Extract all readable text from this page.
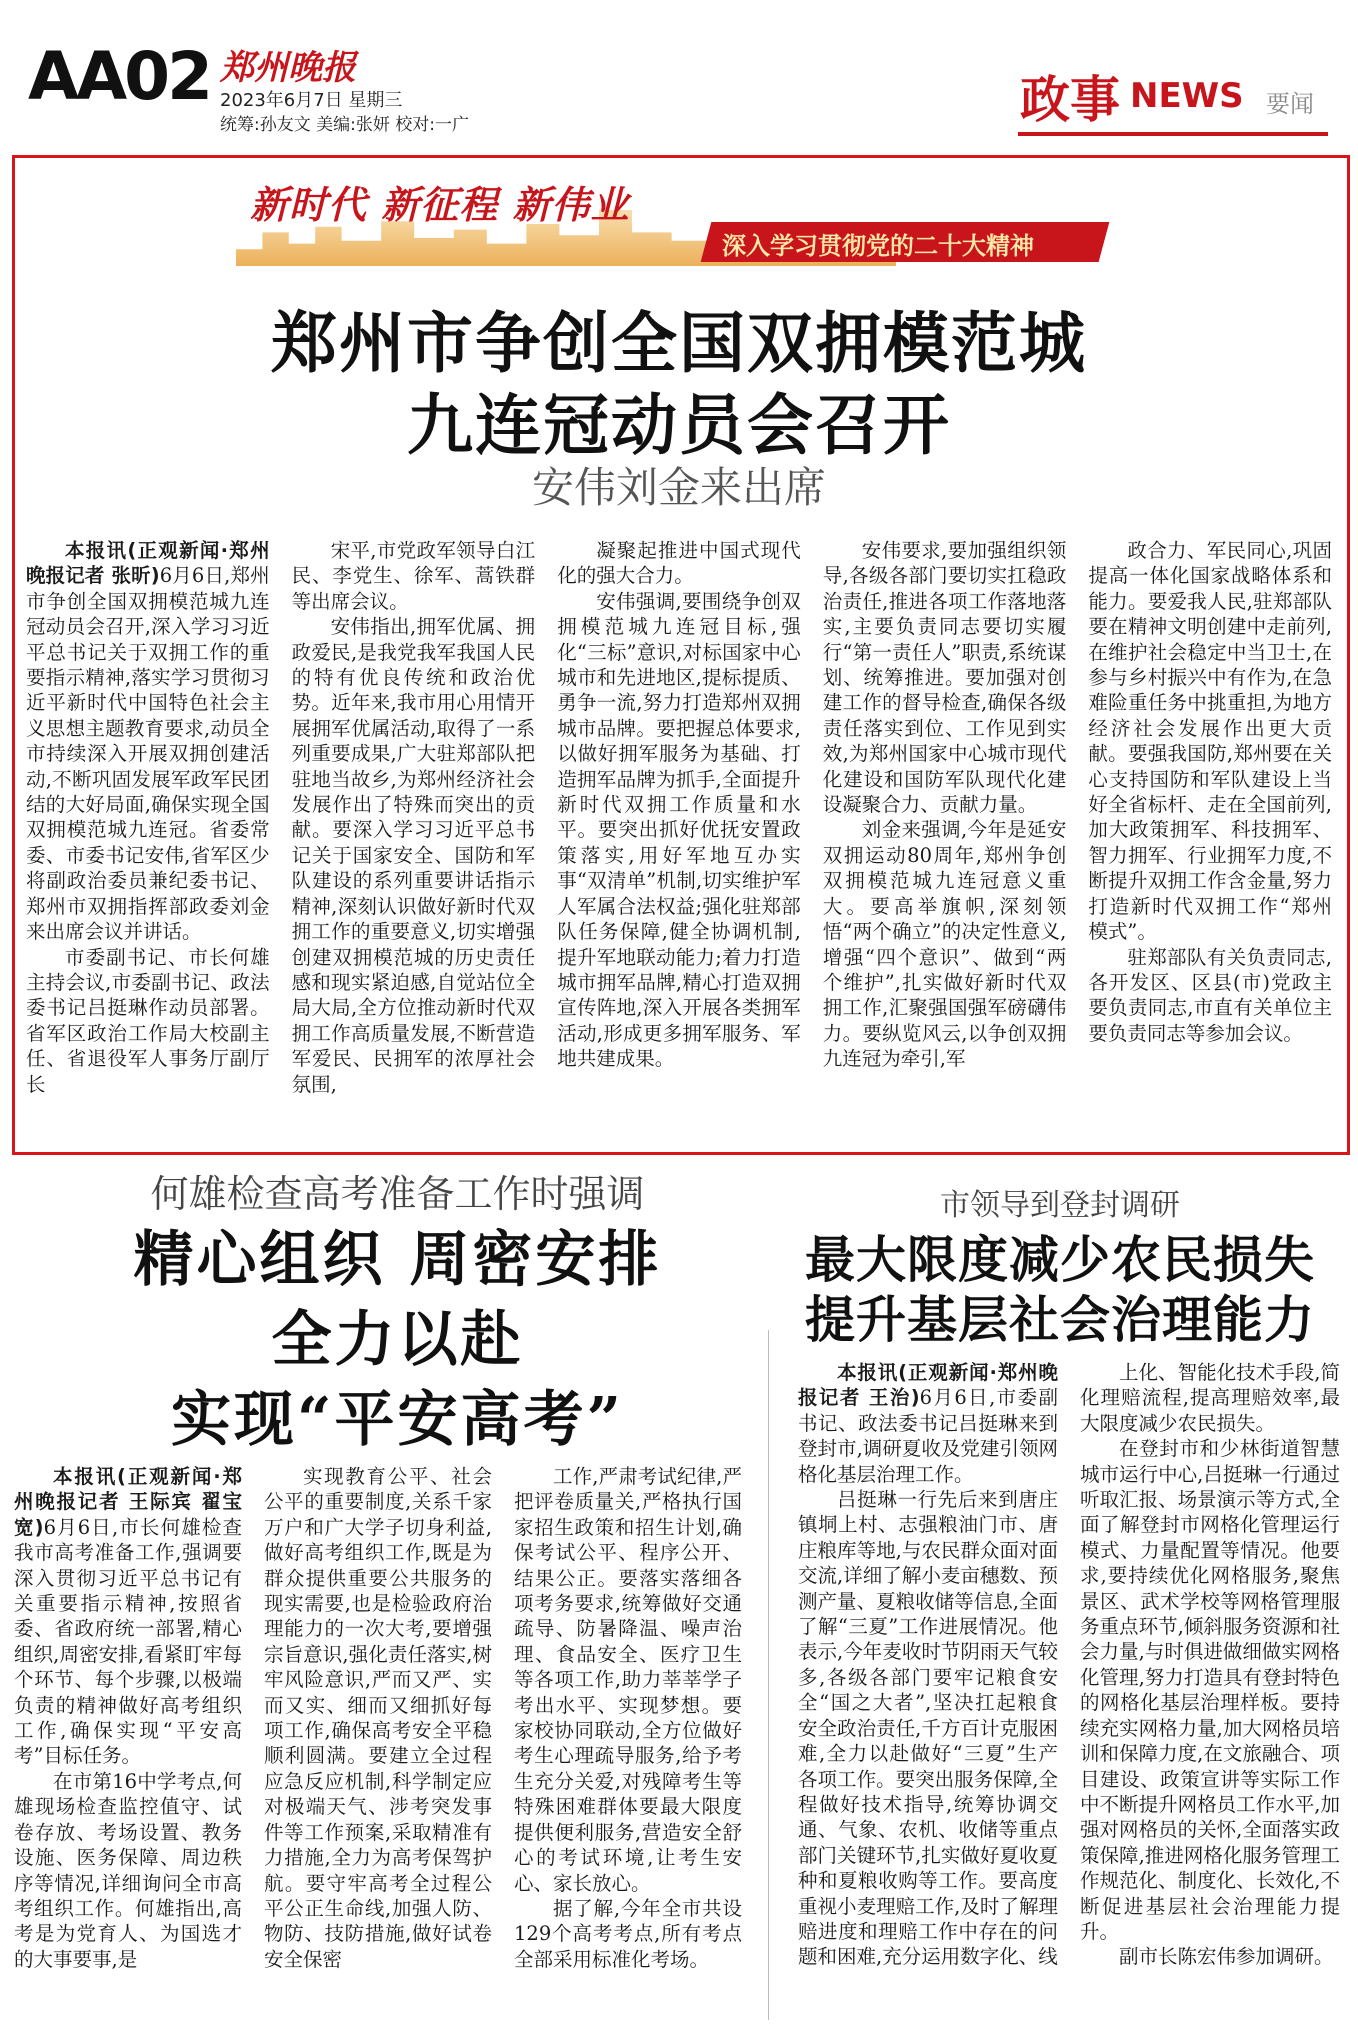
AA02 郑州晚报
2023年6月7日 星期三
统筹:孙友文 美编:张妍 校对:一广	政事 NEWS 要闻
新时代 新征程 新伟业
深入学习贯彻党的二十大精神
郑州市争创全国双拥模范城
九连冠动员会召开
安伟刘金来出席

本报讯(正观新闻·郑州晚报记者 张昕)6月6日,郑州市争创全国双拥模范城九连冠动员会召开,深入学习习近平总书记关于双拥工作的重要指示精神,落实学习贯彻习近平新时代中国特色社会主义思想主题教育要求,动员全市持续深入开展双拥创建活动,不断巩固发展军政军民团结的大好局面,确保实现全国双拥模范城九连冠。省委常委、市委书记安伟,省军区少将副政治委员兼纪委书记、郑州市双拥指挥部政委刘金来出席会议并讲话。

市委副书记、市长何雄主持会议,市委副书记、政法委书记吕挺琳作动员部署。省军区政治工作局大校副主任、省退役军人事务厅副厅长

宋平,市党政军领导白江民、李党生、徐军、蒿铁群等出席会议。

安伟指出,拥军优属、拥政爱民,是我党我军我国人民的特有优良传统和政治优势。近年来,我市用心用情开展拥军优属活动,取得了一系列重要成果,广大驻郑部队把驻地当故乡,为郑州经济社会发展作出了特殊而突出的贡献。要深入学习习近平总书记关于国家安全、国防和军队建设的系列重要讲话指示精神,深刻认识做好新时代双拥工作的重要意义,切实增强创建双拥模范城的历史责任感和现实紧迫感,自觉站位全局大局,全方位推动新时代双拥工作高质量发展,不断营造军爱民、民拥军的浓厚社会氛围,

凝聚起推进中国式现代化的强大合力。

安伟强调,要围绕争创双拥模范城九连冠目标,强化“三标”意识,对标国家中心城市和先进地区,提标提质、勇争一流,努力打造郑州双拥城市品牌。要把握总体要求,以做好拥军服务为基础、打造拥军品牌为抓手,全面提升新时代双拥工作质量和水平。要突出抓好优抚安置政策落实,用好军地互办实事“双清单”机制,切实维护军人军属合法权益;强化驻郑部队任务保障,健全协调机制,提升军地联动能力;着力打造城市拥军品牌,精心打造双拥宣传阵地,深入开展各类拥军活动,形成更多拥军服务、军地共建成果。

安伟要求,要加强组织领导,各级各部门要切实扛稳政治责任,推进各项工作落地落实,主要负责同志要切实履行“第一责任人”职责,系统谋划、统筹推进。要加强对创建工作的督导检查,确保各级责任落实到位、工作见到实效,为郑州国家中心城市现代化建设和国防军队现代化建设凝聚合力、贡献力量。

刘金来强调,今年是延安双拥运动80周年,郑州争创双拥模范城九连冠意义重大。要高举旗帜,深刻领悟“两个确立”的决定性意义,增强“四个意识”、做到“两个维护”,扎实做好新时代双拥工作,汇聚强国强军磅礴伟力。要纵览风云,以争创双拥九连冠为牵引,军

政合力、军民同心,巩固提高一体化国家战略体系和能力。要爱我人民,驻郑部队要在精神文明创建中走前列,在维护社会稳定中当卫士,在参与乡村振兴中有作为,在急难险重任务中挑重担,为地方经济社会发展作出更大贡献。要强我国防,郑州要在关心支持国防和军队建设上当好全省标杆、走在全国前列,加大政策拥军、科技拥军、智力拥军、行业拥军力度,不断提升双拥工作含金量,努力打造新时代双拥工作“郑州模式”。

驻郑部队有关负责同志,各开发区、区县(市)党政主要负责同志,市直有关单位主要负责同志等参加会议。

何雄检查高考准备工作时强调
精心组织 周密安排
全力以赴
实现“平安高考”

本报讯(正观新闻·郑州晚报记者 王际宾 翟宝宽)6月6日,市长何雄检查我市高考准备工作,强调要深入贯彻习近平总书记有关重要指示精神,按照省委、省政府统一部署,精心组织,周密安排,看紧盯牢每个环节、每个步骤,以极端负责的精神做好高考组织工作,确保实现“平安高考”目标任务。

在市第16中学考点,何雄现场检查监控值守、试卷存放、考场设置、教务设施、医务保障、周边秩序等情况,详细询问全市高考组织工作。何雄指出,高考是为党育人、为国选才的大事要事,是

实现教育公平、社会公平的重要制度,关系千家万户和广大学子切身利益,做好高考组织工作,既是为群众提供重要公共服务的现实需要,也是检验政府治理能力的一次大考,要增强宗旨意识,强化责任落实,树牢风险意识,严而又严、实而又实、细而又细抓好每项工作,确保高考安全平稳顺利圆满。要建立全过程应急反应机制,科学制定应对极端天气、涉考突发事件等工作预案,采取精准有力措施,全力为高考保驾护航。要守牢高考全过程公平公正生命线,加强人防、物防、技防措施,做好试卷安全保密

工作,严肃考试纪律,严把评卷质量关,严格执行国家招生政策和招生计划,确保考试公平、程序公开、结果公正。要落实落细各项考务要求,统筹做好交通疏导、防暑降温、噪声治理、食品安全、医疗卫生等各项工作,助力莘莘学子考出水平、实现梦想。要家校协同联动,全方位做好考生心理疏导服务,给予考生充分关爱,对残障考生等特殊困难群体要最大限度提供便利服务,营造安全舒心的考试环境,让考生安心、家长放心。

据了解,今年全市共设129个高考考点,所有考点全部采用标准化考场。

市领导到登封调研
最大限度减少农民损失
提升基层社会治理能力

本报讯(正观新闻·郑州晚报记者 王治)6月6日,市委副书记、政法委书记吕挺琳来到登封市,调研夏收及党建引领网格化基层治理工作。

吕挺琳一行先后来到唐庄镇垌上村、志强粮油门市、唐庄粮库等地,与农民群众面对面交流,详细了解小麦亩穗数、预测产量、夏粮收储等信息,全面了解“三夏”工作进展情况。他表示,今年麦收时节阴雨天气较多,各级各部门要牢记粮食安全“国之大者”,坚决扛起粮食安全政治责任,千方百计克服困难,全力以赴做好“三夏”生产各项工作。要突出服务保障,全程做好技术指导,统筹协调交通、气象、农机、收储等重点部门关键环节,扎实做好夏收夏种和夏粮收购等工作。要高度重视小麦理赔工作,及时了解理赔进度和理赔工作中存在的问题和困难,充分运用数字化、线

上化、智能化技术手段,简化理赔流程,提高理赔效率,最大限度减少农民损失。

在登封市和少林街道智慧城市运行中心,吕挺琳一行通过听取汇报、场景演示等方式,全面了解登封市网格化管理运行模式、力量配置等情况。他要求,要持续优化网格服务,聚焦景区、武术学校等网格管理服务重点环节,倾斜服务资源和社会力量,与时俱进做细做实网格化管理,努力打造具有登封特色的网格化基层治理样板。要持续充实网格力量,加大网格员培训和保障力度,在文旅融合、项目建设、政策宣讲等实际工作中不断提升网格员工作水平,加强对网格员的关怀,全面落实政策保障,推进网格化服务管理工作规范化、制度化、长效化,不断促进基层社会治理能力提升。

副市长陈宏伟参加调研。
